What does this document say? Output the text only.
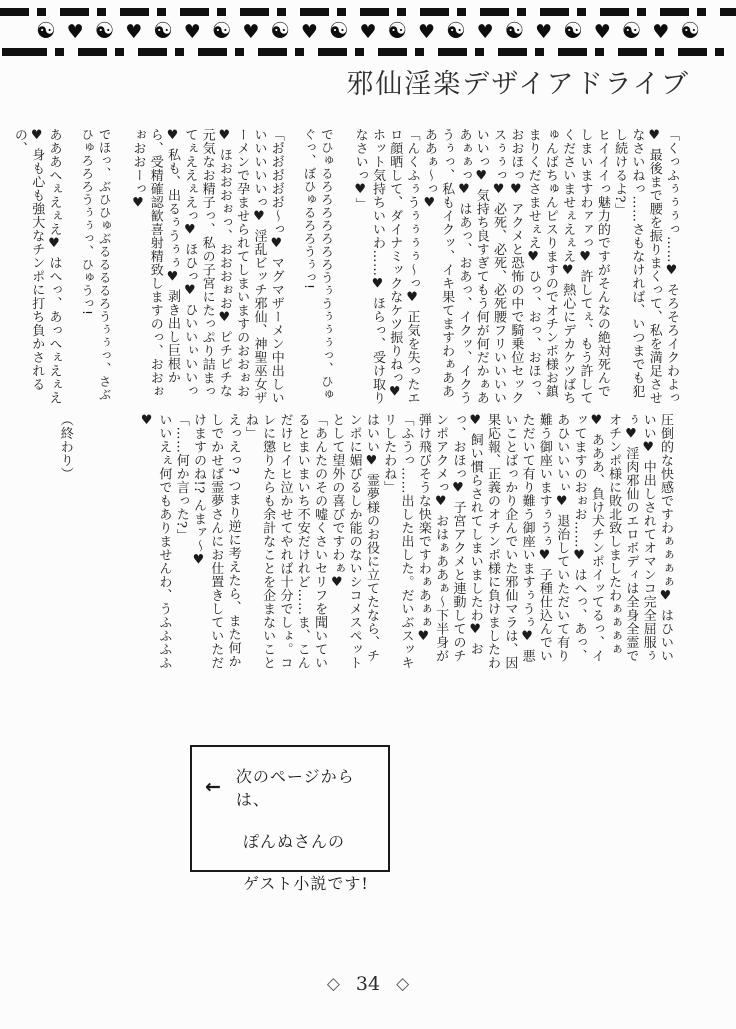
☯ ♥ ☯ ♥ ☯ ♥ ☯ ♥ ☯ ♥ ☯ ♥ ☯ ♥ ☯ ♥ ☯ ♥ ☯ ♥ ☯ ♥ ☯
邪仙淫楽デザイアドライブ

「くっふぅぅぅっ……♥ そろそろイクわよっ♥ 最後まで腰を振りまくって、私を満足させなさいねっ……さもなければ、いつまでも犯し続けるよ?」

ヒイイイっ魅力的ですがそんなの絶対死んでしまいますわァァっ♥ 許してぇ、もう許してくださいませぇえぇえ♥ 熱心にデカケツばちゅんばちゅんピスりますのでオチンポ様お鎮まりくださませぇえ♥ ひっ、おっ、おほっ、おおほっ♥ アクメと恐怖の中で騎乗位セックスぅぅっ♥ 必死、必死、必死腰フリいいいいいいっ♥ 気持ち良すぎてもう何が何だかぁああぁぁっ♥ はあっ、おあっ、イクッ、イクううぅっ、私もイクッ、イキ果てますわぁああああぁ〜っ♥

「んくふぅうぅぅぅぅ〜っ♥ 正気を失ったエロ顔晒して、ダイナミックなケツ振りねっ♥ ホット気持ちいいわ……♥ ほらっ、受け取りなさいっ♥」

でひゅるろろろろろろろうぅうぅぅぅっ、ひゅぐっ、ぼひゅるろろうぅっ!

「お゙お゙お゙お゙お゙〜っ♥ マグマザーメン中出しいいいいいいっ♥ 淫乱ビッチ邪仙、神聖巫女ザーメンで孕ませられてしまいますのおおぉお♥ ほおおおぉっ、おおおぉお♥ ピチピチな元気なお精子っ、私の子宮にたっぷり詰まってぇええぇえっ♥ ほひっ♥ ひいいぃいいっ♥ 私も、出るぅうぅぅ♥ 剥き出し巨根から、受精確認歓喜射精致しますのっ、おおぉぉおおーっ♥

でほっ、ぶひひゅぶるるるるろうぅぅっ、さぶひゅろろろうぅぅっ、ひゅうっ!

あああへぇえぇえ♥ はへっ、あっへぇえぇえ♥ 身も心も強大なチンポに打ち負かされるの、

圧倒的な快感ですわぁぁぁぁ♥ はひいいいい♥ 中出しされてオマンコ完全屈服ぅぅ♥ 淫肉邪仙のエロボディは全身全霊でオチンポ様に敗北致しましたわぁぁぁぁ♥ あああ、負け犬チンポイッてるっ、イッてますのおぉお……♥ はへっ、あっ、あひいいいぃ♥ 退治していただいて有り難う御座いますぅうぅ♥ 子種仕込んでいただいて有り難う御座いますぅうぅ♥ 悪いことばっかり企んでいた邪仙マラは、因果応報、正義のオチンポ様に負けましたわ♥ 飼い慣らされてしまいましたわ♥ おっ、おほっ♥ 子宮アクメと連動してのチンポアクメっ♥ おはぁああぁ〜下半身が弾け飛びそうな快楽ですわぁあぁぁ♥

「ふうっ……出した出した。だいぶスッキリしたわね」

はいい♥ 霊夢様のお役に立てたなら、チンポに媚びるしか能のないシコメスペットとして望外の喜びですわぁ♥

「あんたのその嘘くさいセリフを聞いているとまいまいち不安だけれど……ま、こんだけヒイヒ泣かせてやれば十分でしょ。コレに懲りたらも余計なことを企まないことね」

えっえっ? つまり逆に考えたら、また何かしでかせば霊夢さんにお仕置きしていただけますのね!? んまァ〜♥

「……何か言った?」

いいえぇ何でもありませんわ、うふふふふ♥

（終わり）

← 次のページからは、
ぽんぬさんの
ゲスト小説です!
◇ 34 ◇
